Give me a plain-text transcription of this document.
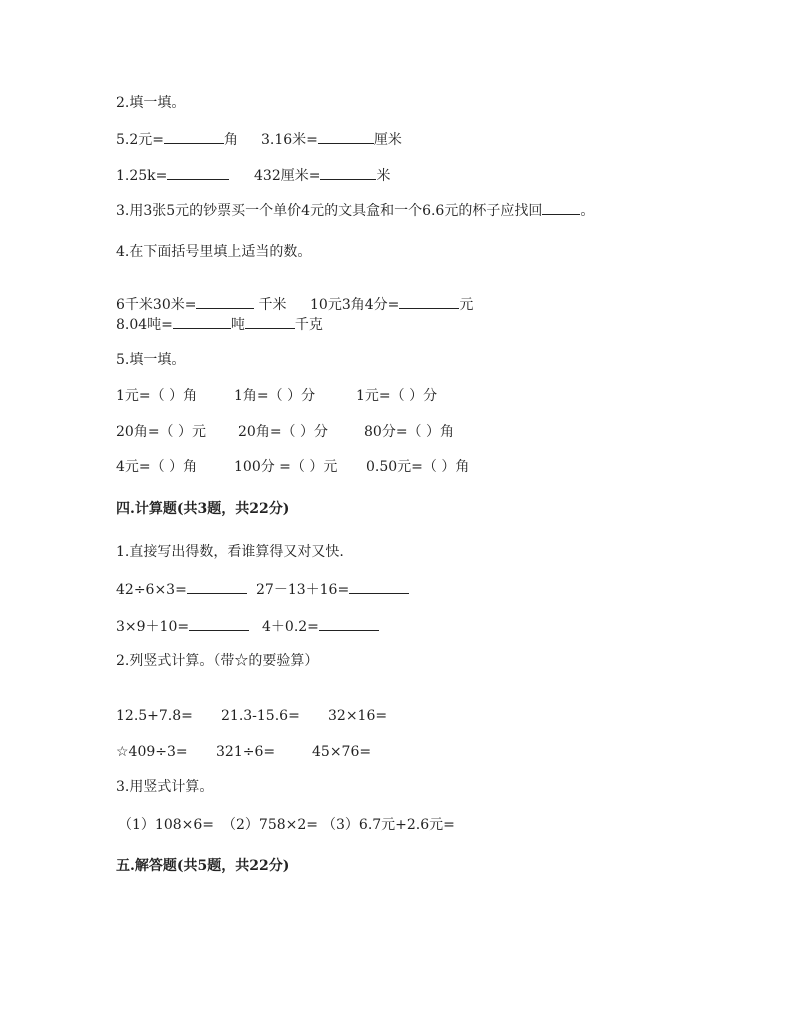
2.填一填。
5.2元=	角 3.16米=	厘米
1.25k=	432厘米=	米
3.用3张5元的钞票买一个单价4元的文具盒和一个6.6元的杯子应找回	。
4.在下面括号里填上适当的数。
6千米30米=	千米 10元3角4分=	元
8.04吨=	吨	千克
5.填一填。
1元=（ ）角	1角=（ ）分	1元=（ ）分
20角=（ ）元 20角=（ ）分	80分=（ ）角
4元=（ ）角	100分 =（ ）元 0.50元=（ ）角
四.计算题(共3题，共22分)
1.直接写出得数，看谁算得又对又快.
42÷6×3=	27－13＋16=
3×9＋10=	4＋0.2=
2.列竖式计算。（带☆的要验算）
12.5+7.8= 21.3-15.6= 32×16=
☆409÷3= 321÷6=	45×76=
3.用竖式计算。
（1）108×6= （2）758×2= （3）6.7元+2.6元=
五.解答题(共5题，共22分)
